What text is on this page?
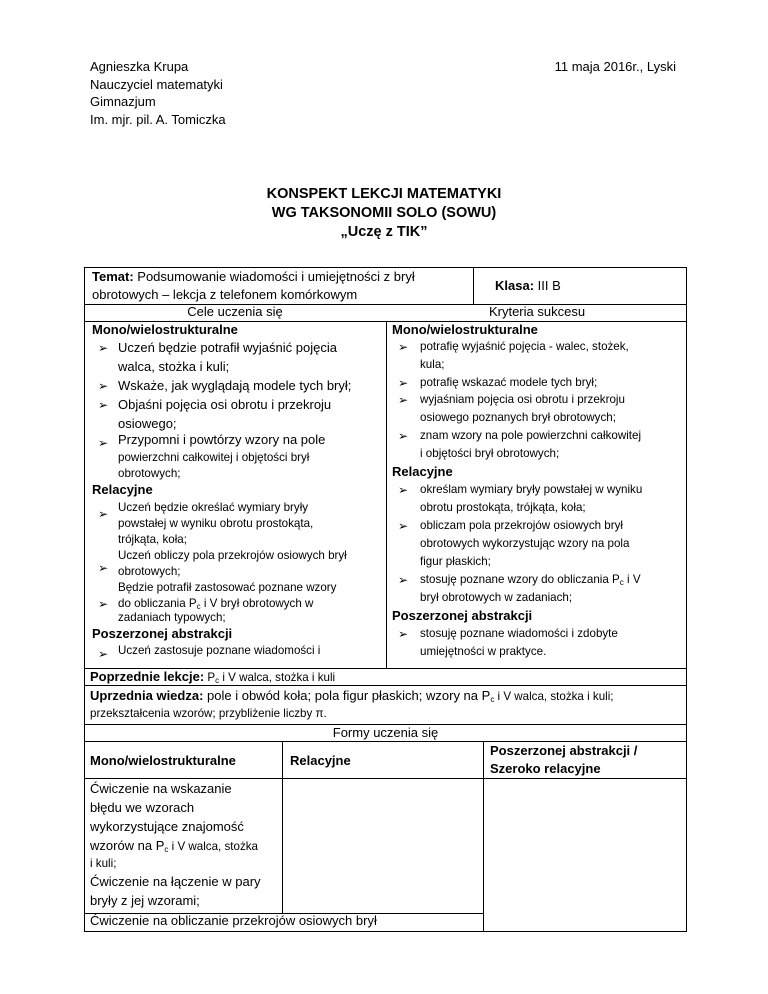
Agnieszka Krupa
Nauczyciel matematyki
Gimnazjum
Im. mjr. pil. A. Tomiczka
11 maja 2016r., Lyski
KONSPEKT LEKCJI MATEMATYKI
WG TAKSONOMII SOLO (SOWU)
„Uczę z TIK”
Temat: Podsumowanie wiadomości i umiejętności z brył
obrotowych – lekcja z telefonem komórkowym
Klasa: III B
Cele uczenia się	Kryteria sukcesu
Mono/wielostrukturalne
➢ Uczeń będzie potrafił wyjaśnić pojęcia
walca, stożka i kuli;
➢ Wskaże, jak wyglądają modele tych brył;
➢ Objaśni pojęcia osi obrotu i przekroju
osiowego;
➢ Przypomni i powtórzy wzory na pole
powierzchni całkowitej i objętości brył
obrotowych;
Relacyjne
➢ Uczeń będzie określać wymiary bryły
powstałej w wyniku obrotu prostokąta,
trójkąta, koła;
➢
Uczeń obliczy pola przekrojów osiowych brył
obrotowych;
➢
Będzie potrafił zastosować poznane wzory
do obliczania $P_c$ i V brył obrotowych w
zadaniach typowych;
Mono/wielostrukturalne
➢ potrafię wyjaśnić pojęcia - walec, stożek,
kula;
➢ potrafię wskazać modele tych brył;
➢ wyjaśniam pojęcia osi obrotu i przekroju
osiowego poznanych brył obrotowych;
➢ znam wzory na pole powierzchni całkowitej
i objętości brył obrotowych;
Relacyjne
➢ określam wymiary bryły powstałej w wyniku
obrotu prostokąta, trójkąta, koła;
➢ obliczam pola przekrojów osiowych brył
obrotowych wykorzystując wzory na pola
figur płaskich;
➢ stosuję poznane wzory do obliczania $P_c$ i V
brył obrotowych w zadaniach;
Poszerzonej abstrakcji
➢ stosuję poznane wiadomości i zdobyte
umiejętności w praktyce.
Poprzednie lekcje: $P_c$ i V walca, stożka i kuli
Uprzednia wiedza: pole i obwód koła; pola figur płaskich; wzory na $P_c$ i V walca, stożka i kuli;
przekształcenia wzorów; przybliżenie liczby π.
Formy uczenia się
Mono/wielostrukturalne	Relacyjne
Poszerzonej abstrakcji /
Szeroko relacyjne
Ćwiczenie na wskazanie
błędu we wzorach
wykorzystujące znajomość
wzorów na $P_c$ i V walca, stożka
i kuli;
Ćwiczenie na łączenie w pary
bryły z jej wzorami;
Ćwiczenie na obliczanie przekrojów osiowych brył
Poszerzonej abstrakcji
➢ Uczeń zastosuje poznane wiadomości i
